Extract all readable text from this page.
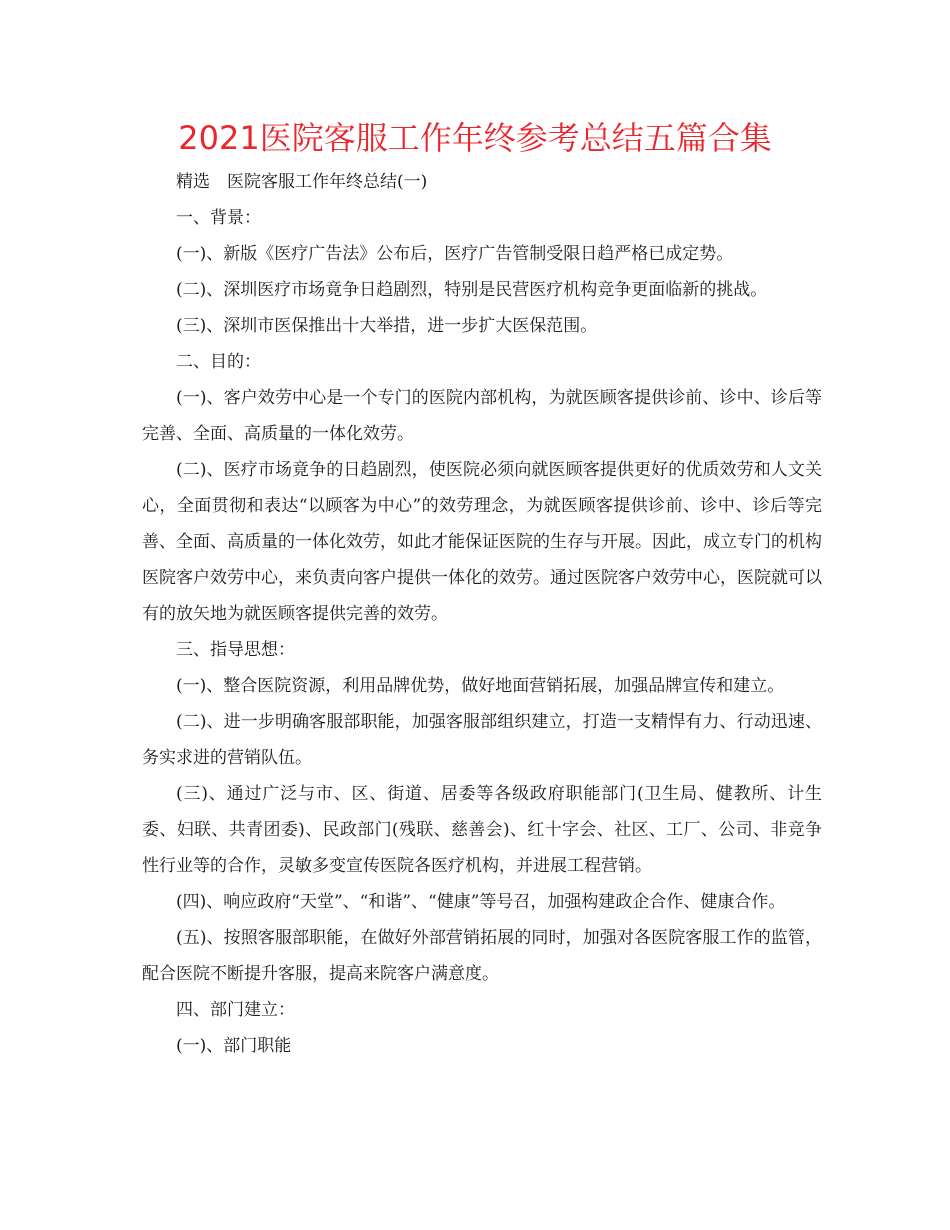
2021医院客服工作年终参考总结五篇合集

精选　医院客服工作年终总结(一)

一、背景：

(一)、新版《医疗广告法》公布后，医疗广告管制受限日趋严格已成定势。

(二)、深圳医疗市场竟争日趋剧烈，特别是民营医疗机构竞争更面临新的挑战。

(三)、深圳市医保推出十大举措，进一步扩大医保范围。

二、目的：

(一)、客户效劳中心是一个专门的医院内部机构，为就医顾客提供诊前、诊中、诊后等完善、全面、高质量的一体化效劳。

(二)、医疗市场竟争的日趋剧烈，使医院必须向就医顾客提供更好的优质效劳和人文关心，全面贯彻和表达“以顾客为中心”的效劳理念，为就医顾客提供诊前、诊中、诊后等完善、全面、高质量的一体化效劳，如此才能保证医院的生存与开展。因此，成立专门的机构医院客户效劳中心，来负责向客户提供一体化的效劳。通过医院客户效劳中心，医院就可以有的放矢地为就医顾客提供完善的效劳。

三、指导思想：

(一)、整合医院资源，利用品牌优势，做好地面营销拓展，加强品牌宣传和建立。

(二)、进一步明确客服部职能，加强客服部组织建立，打造一支精悍有力、行动迅速、务实求进的营销队伍。

(三)、通过广泛与市、区、街道、居委等各级政府职能部门(卫生局、健教所、计生委、妇联、共青团委)、民政部门(残联、慈善会)、红十字会、社区、工厂、公司、非竞争性行业等的合作，灵敏多变宣传医院各医疗机构，并进展工程营销。

(四)、响应政府“天堂”、“和谐”、“健康”等号召，加强构建政企合作、健康合作。

(五)、按照客服部职能，在做好外部营销拓展的同时，加强对各医院客服工作的监管，配合医院不断提升客服，提高来院客户满意度。

四、部门建立：

(一)、部门职能
